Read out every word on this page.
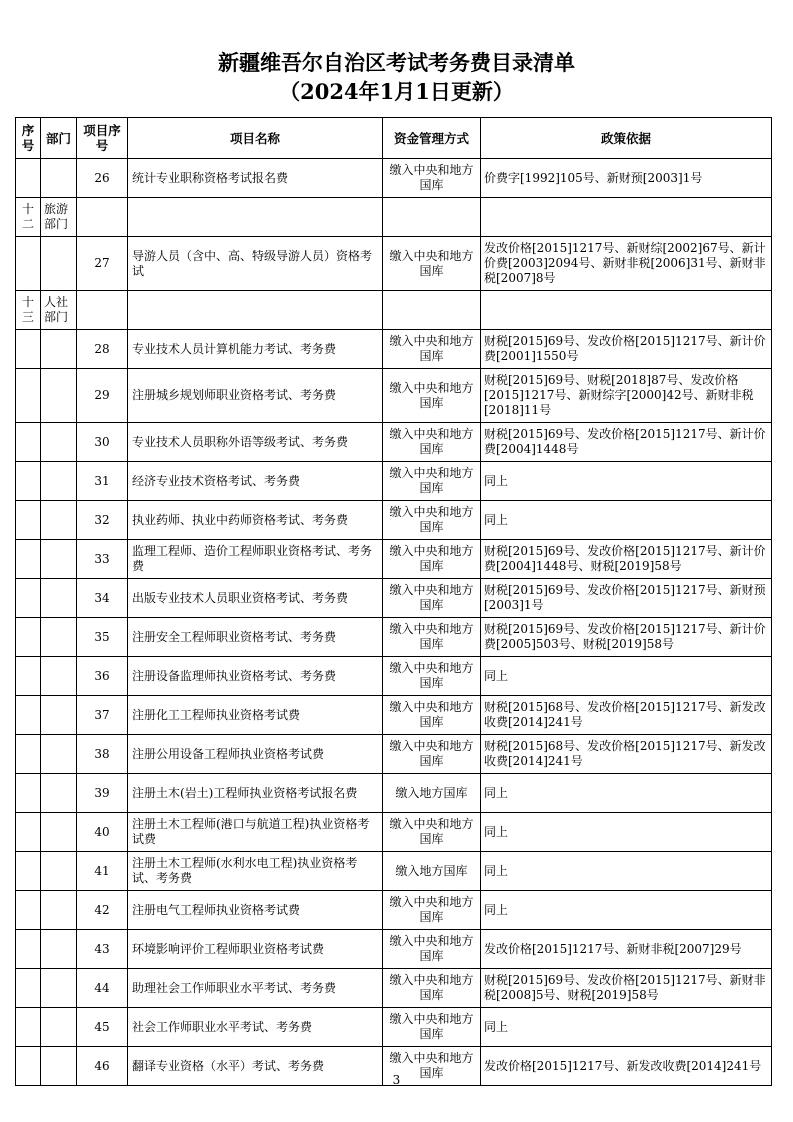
新疆维吾尔自治区考试考务费目录清单
（2024年1月1日更新）
序号	部门	项目序号	项目名称	资金管理方式	政策依据
		26	统计专业职称资格考试报名费	缴入中央和地方国库	价费字[1992]105号、新财预[2003]1号
十二	旅游部门				
		27	导游人员（含中、高、特级导游人员）资格考试	缴入中央和地方国库	发改价格[2015]1217号、新财综[2002]67号、新计价费[2003]2094号、新财非税[2006]31号、新财非税[2007]8号
十三	人社部门				
		28	专业技术人员计算机能力考试、考务费	缴入中央和地方国库	财税[2015]69号、发改价格[2015]1217号、新计价费[2001]1550号
		29	注册城乡规划师职业资格考试、考务费	缴入中央和地方国库	财税[2015]69号、财税[2018]87号、发改价格[2015]1217号、新财综字[2000]42号、新财非税[2018]11号
		30	专业技术人员职称外语等级考试、考务费	缴入中央和地方国库	财税[2015]69号、发改价格[2015]1217号、新计价费[2004]1448号
		31	经济专业技术资格考试、考务费	缴入中央和地方国库	同上
		32	执业药师、执业中药师资格考试、考务费	缴入中央和地方国库	同上
		33	监理工程师、造价工程师职业资格考试、考务费	缴入中央和地方国库	财税[2015]69号、发改价格[2015]1217号、新计价费[2004]1448号、财税[2019]58号
		34	出版专业技术人员职业资格考试、考务费	缴入中央和地方国库	财税[2015]69号、发改价格[2015]1217号、新财预[2003]1号
		35	注册安全工程师职业资格考试、考务费	缴入中央和地方国库	财税[2015]69号、发改价格[2015]1217号、新计价费[2005]503号、财税[2019]58号
		36	注册设备监理师执业资格考试、考务费	缴入中央和地方国库	同上
		37	注册化工工程师执业资格考试费	缴入中央和地方国库	财税[2015]68号、发改价格[2015]1217号、新发改收费[2014]241号
		38	注册公用设备工程师执业资格考试费	缴入中央和地方国库	财税[2015]68号、发改价格[2015]1217号、新发改收费[2014]241号
		39	注册土木(岩土)工程师执业资格考试报名费	缴入地方国库	同上
		40	注册土木工程师(港口与航道工程)执业资格考试费	缴入中央和地方国库	同上
		41	注册土木工程师(水利水电工程)执业资格考试、考务费	缴入地方国库	同上
		42	注册电气工程师执业资格考试费	缴入中央和地方国库	同上
		43	环境影响评价工程师职业资格考试费	缴入中央和地方国库	发改价格[2015]1217号、新财非税[2007]29号
		44	助理社会工作师职业水平考试、考务费	缴入中央和地方国库	财税[2015]69号、发改价格[2015]1217号、新财非税[2008]5号、财税[2019]58号
		45	社会工作师职业水平考试、考务费	缴入中央和地方国库	同上
		46	翻译专业资格（水平）考试、考务费	缴入中央和地方国库	发改价格[2015]1217号、新发改收费[2014]241号
3
